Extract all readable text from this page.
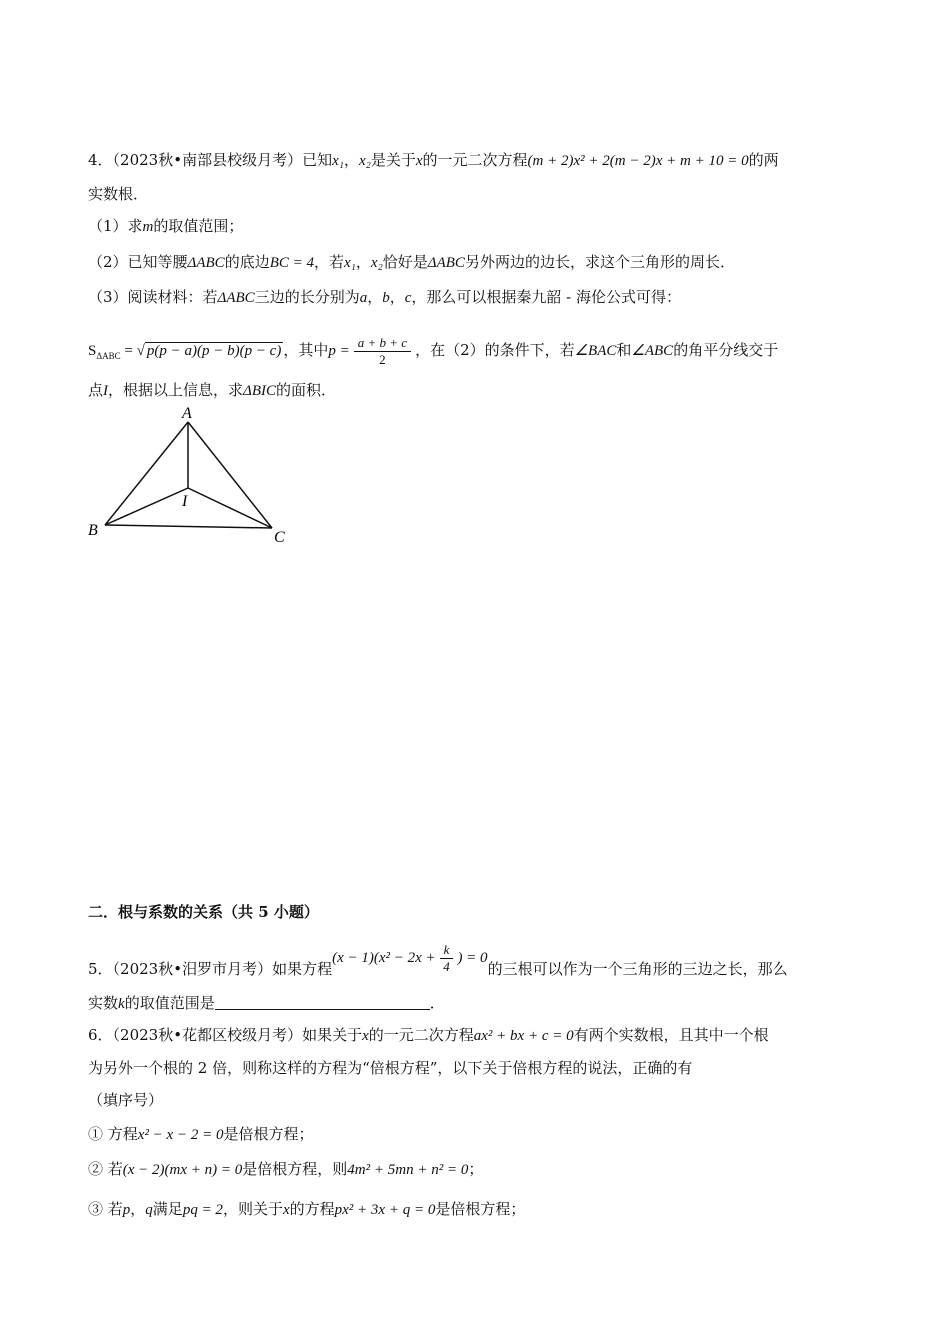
4．（2023秋•南部县校级月考）已知x₁，x₂是关于x的一元二次方程(m + 2)x² + 2(m − 2)x + m + 10 = 0的两
实数根．
（1）求m的取值范围；
（2）已知等腰ΔABC的底边BC = 4，若x₁，x₂恰好是ΔABC另外两边的边长，求这个三角形的周长．
（3）阅读材料：若ΔABC三边的长分别为a，b，c，那么可以根据秦九韶 - 海伦公式可得：
$S_{\Delta ABC}$ = √ p(p − a)(p − b)(p − c) ，其中$p = \frac{a + b + c}{2}$ ，在（2）的条件下，若∠BAC和∠ABC的角平分线交于
点I，根据以上信息，求ΔBIC的面积．
A
B	C
I
二．根与系数的关系（共 5 小题）
5．（2023秋•汨罗市月考）如果方程$(x - 1)(x^2 - 2x + \frac{k}{4}$ ) = 0的三根可以作为一个三角形的三边之长，那么
实数k的取值范围是	．
6．（2023秋•花都区校级月考）如果关于x的一元二次方程ax² + bx + c = 0有两个实数根，且其中一个根
为另外一个根的 2 倍，则称这样的方程为“倍根方程”，以下关于倍根方程的说法，正确的有
（填序号）
① 方程x² − x − 2 = 0是倍根方程；
② 若(x − 2)(mx + n) = 0是倍根方程，则4m² + 5mn + n² = 0；
③ 若p，q满足pq = 2，则关于x的方程px² + 3x + q = 0是倍根方程；
